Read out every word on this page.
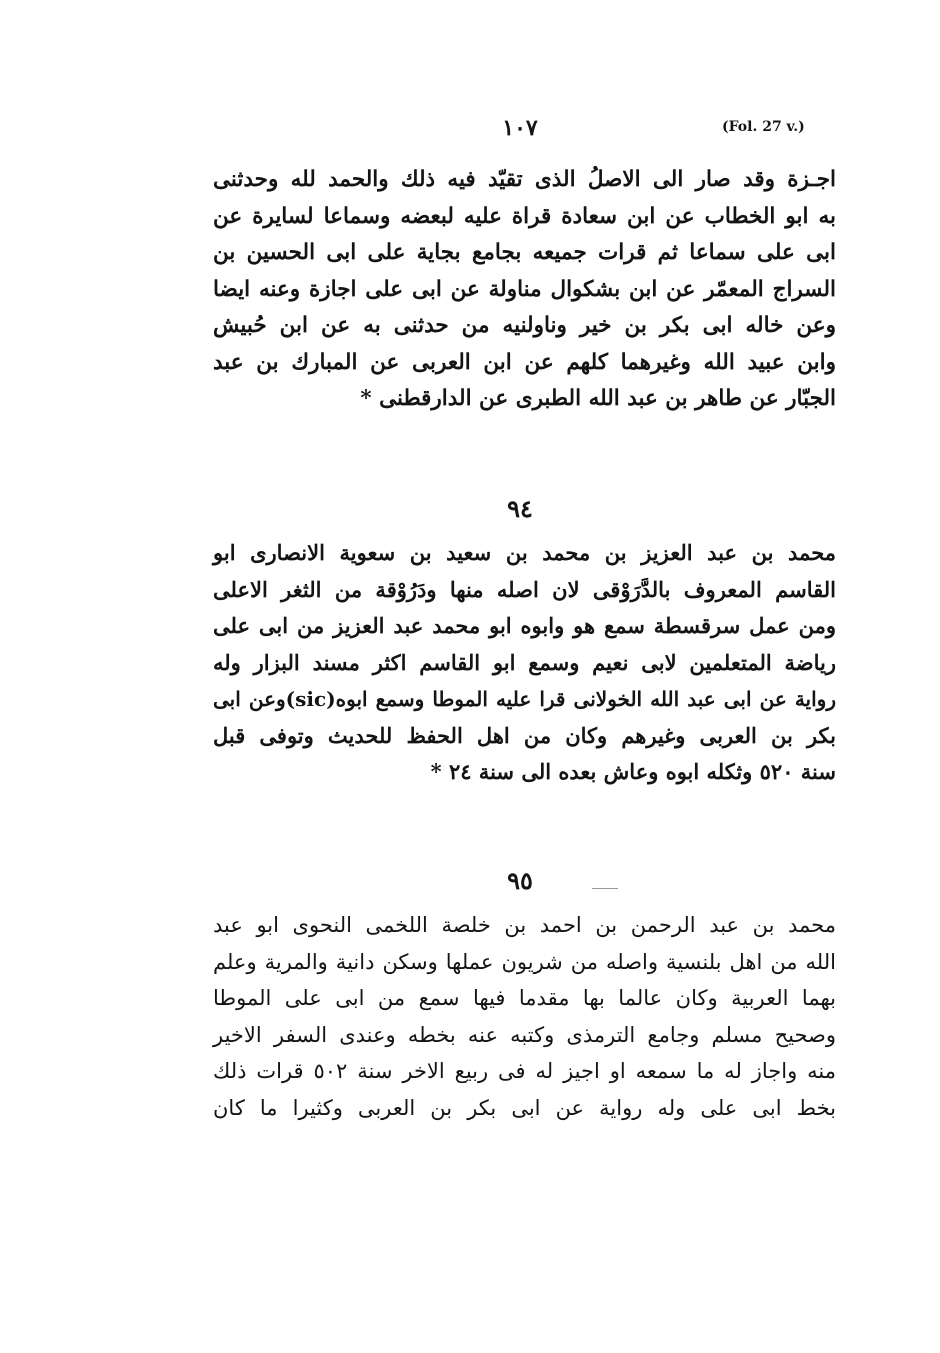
(Fol. 27 v.)
١٠٧
اجـزة وقد صار الى الاصلُ الذى تقيّد فيه ذلك والحمد لله وحدثنى
به ابو الخطاب عن ابن سعادة قراة عليه لبعضه وسماعا لسايرة عن
ابى على سماعا ثم قرات جميعه بجامع بجاية على ابى الحسين بن
السراج المعمّر عن ابن بشكوال مناولة عن ابى على اجازة وعنه ايضا
وعن خاله ابى بكر بن خير وناولنيه من حدثنى به عن ابن حُبيش
وابن عبيد الله وغيرهما كلهم عن ابن العربى عن المبارك بن عبد
الجبّار عن طاهر بن عبد الله الطبرى عن الدارقطنى *
٩٤
محمد بن عبد العزيز بن محمد بن سعيد بن سعوية الانصارى ابو
القاسم المعروف بالدَّرَوْقى لان اصله منها ودَرُوْقة من الثغر الاعلى
ومن عمل سرقسطة سمع هو وابوه ابو محمد عبد العزيز من ابى على
رياضة المتعلمين لابى نعيم وسمع ابو القاسم اكثر مسند البزار وله
رواية عن ابى عبد الله الخولانى قرا عليه الموطا وسمع ابوه(sic)وعن ابى
بكر بن العربى وغيرهم وكان من اهل الحفظ للحديث وتوفى قبل
سنة ٥٢٠ وثكله ابوه وعاش بعده الى سنة ٢٤ *
٩٥
محمد بن عبد الرحمن بن احمد بن خلصة اللخمى النحوى ابو عبد
الله من اهل بلنسية واصله من شريون عملها وسكن دانية والمرية وعلم
بهما العربية وكان عالما بها مقدما فيها سمع من ابى على الموطا
وصحيح مسلم وجامع الترمذى وكتبه عنه بخطه وعندى السفر الاخير
منه واجاز له ما سمعه او اجيز له فى ربيع الاخر سنة ٥٠٢ قرات ذلك
بخط ابى على وله رواية عن ابى بكر بن العربى وكثيرا ما كان
